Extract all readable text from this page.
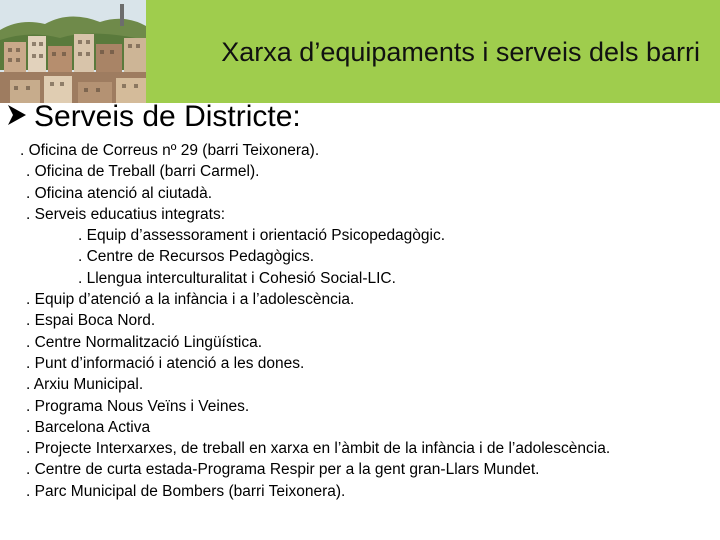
Xarxa d’equipaments i serveis dels barri
Serveis de Districte:
. Oficina de Correus nº 29 (barri Teixonera).
. Oficina de Treball (barri Carmel).
. Oficina atenció al ciutadà.
. Serveis educatius integrats:
. Equip d’assessorament i orientació Psicopedagògic.
. Centre de Recursos Pedagògics.
. Llengua interculturalitat i Cohesió Social-LIC.
. Equip d’atenció a la infància i a l’adolescència.
. Espai Boca Nord.
. Centre Normalització Lingüística.
. Punt d’informació i atenció a les dones.
. Arxiu Municipal.
. Programa Nous Veïns i Veines.
. Barcelona Activa
. Projecte Interxarxes, de treball en xarxa en l’àmbit de la infància i de l’adolescència.
. Centre de curta estada-Programa Respir per a la gent gran-Llars Mundet.
. Parc Municipal de Bombers (barri Teixonera).
